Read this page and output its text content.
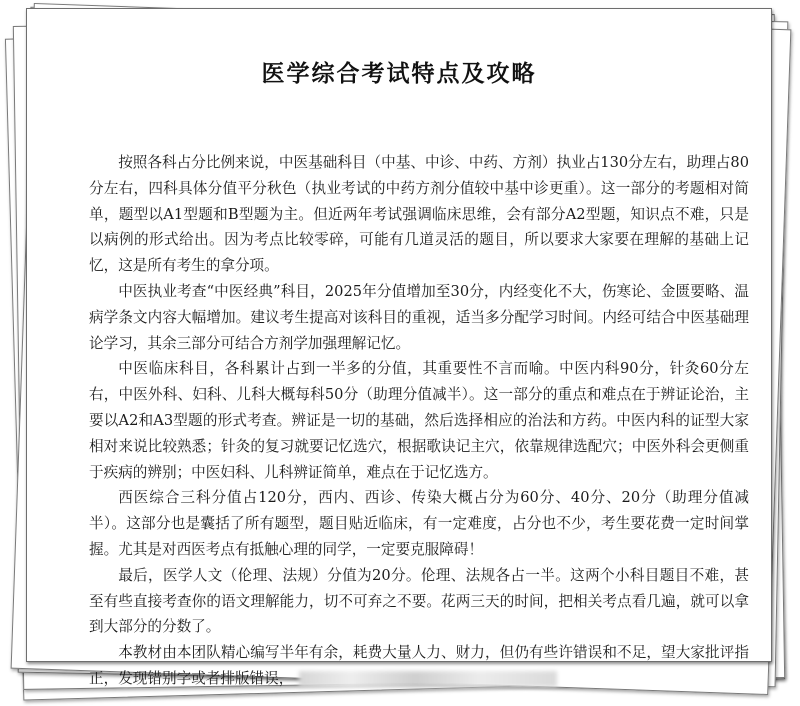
医学综合考试特点及攻略

按照各科占分比例来说，中医基础科目（中基、中诊、中药、方剂）执业占130分左右，助理占80分左右，四科具体分值平分秋色（执业考试的中药方剂分值较中基中诊更重）。这一部分的考题相对简单，题型以A1型题和B型题为主。但近两年考试强调临床思维，会有部分A2型题，知识点不难，只是以病例的形式给出。因为考点比较零碎，可能有几道灵活的题目，所以要求大家要在理解的基础上记忆，这是所有考生的拿分项。

中医执业考查“中医经典”科目，2025年分值增加至30分，内经变化不大，伤寒论、金匮要略、温病学条文内容大幅增加。建议考生提高对该科目的重视，适当多分配学习时间。内经可结合中医基础理论学习，其余三部分可结合方剂学加强理解记忆。

中医临床科目，各科累计占到一半多的分值，其重要性不言而喻。中医内科90分，针灸60分左右，中医外科、妇科、儿科大概每科50分（助理分值减半）。这一部分的重点和难点在于辨证论治，主要以A2和A3型题的形式考查。辨证是一切的基础，然后选择相应的治法和方药。中医内科的证型大家相对来说比较熟悉；针灸的复习就要记忆选穴，根据歌诀记主穴，依靠规律选配穴；中医外科会更侧重于疾病的辨别；中医妇科、儿科辨证简单，难点在于记忆选方。

西医综合三科分值占120分，西内、西诊、传染大概占分为60分、40分、20分（助理分值减半）。这部分也是囊括了所有题型，题目贴近临床，有一定难度，占分也不少，考生要花费一定时间掌握。尤其是对西医考点有抵触心理的同学，一定要克服障碍！

最后，医学人文（伦理、法规）分值为20分。伦理、法规各占一半。这两个小科目题目不难，甚至有些直接考查你的语文理解能力，切不可弃之不要。花两三天的时间，把相关考点看几遍，就可以拿到大部分的分数了。

本教材由本团队精心编写半年有余，耗费大量人力、财力，但仍有些许错误和不足，望大家批评指正，发现错别字或者排版错误，
